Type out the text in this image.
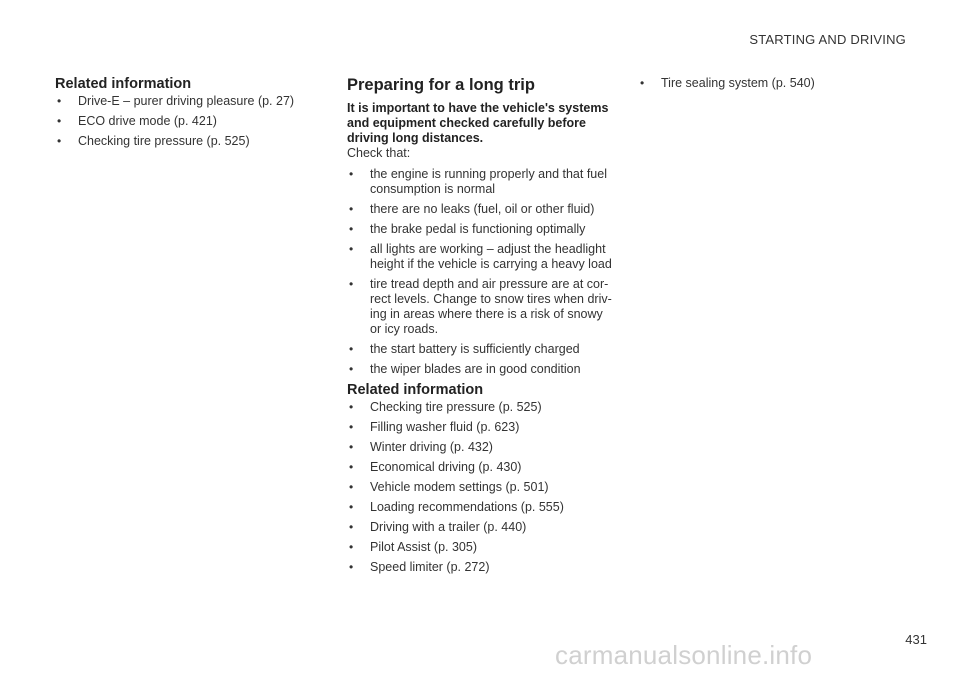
STARTING AND DRIVING
Related information
• Drive-E – purer driving pleasure (p. 27)
• ECO drive mode (p. 421)
• Checking tire pressure (p. 525)
Preparing for a long trip

It is important to have the vehicle's systems and equipment checked carefully before driving long distances.

Check that:

• the engine is running properly and that fuel consumption is normal
• there are no leaks (fuel, oil or other fluid)
• the brake pedal is functioning optimally
• all lights are working – adjust the headlight height if the vehicle is carrying a heavy load
• tire tread depth and air pressure are at cor-rect levels. Change to snow tires when driv-ing in areas where there is a risk of snowy or icy roads.
• the start battery is sufficiently charged
• the wiper blades are in good condition
Related information
• Checking tire pressure (p. 525)
• Filling washer fluid (p. 623)
• Winter driving (p. 432)
• Economical driving (p. 430)
• Vehicle modem settings (p. 501)
• Loading recommendations (p. 555)
• Driving with a trailer (p. 440)
• Pilot Assist (p. 305)
• Speed limiter (p. 272)
• Tire sealing system (p. 540)
431
carmanualsonline.info
